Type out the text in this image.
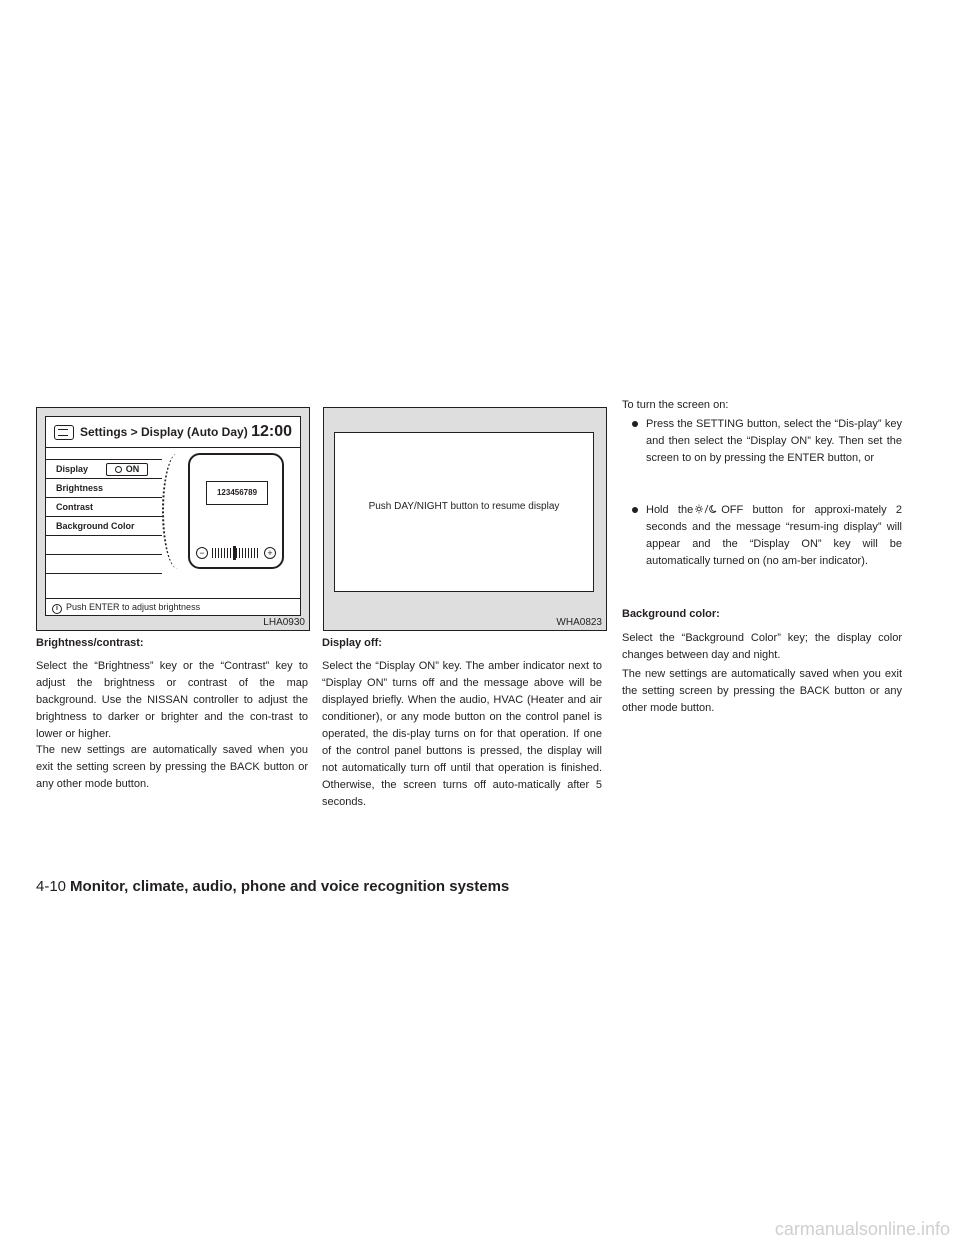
Settings > Display (Auto Day) 12:00
Display	ON
Brightness
Contrast
Background Color
123456789
−	+
i Push ENTER to adjust brightness
LHA0930
Push DAY/NIGHT button to resume display
WHA0823
Brightness/contrast:

Select the “Brightness” key or the “Contrast” key to adjust the brightness or contrast of the map background. Use the NISSAN controller to adjust the brightness to darker or brighter and the con-trast to lower or higher.

The new settings are automatically saved when you exit the setting screen by pressing the BACK button or any other mode button.

Display off:

Select the “Display ON” key. The amber indicator next to “Display ON” turns off and the message above will be displayed briefly. When the audio, HVAC (Heater and air conditioner), or any mode button on the control panel is operated, the dis-play turns on for that operation. If one of the control panel buttons is pressed, the display will not automatically turn off until that operation is finished. Otherwise, the screen turns off auto-matically after 5 seconds.

To turn the screen on:

Press the SETTING button, select the “Dis-play” key and then select the “Display ON” key. Then set the screen to on by pressing the ENTER button, or
Hold the	OFF button for approxi-mately 2 seconds and the message “resum-ing display” will appear and the “Display ON” key will be automatically turned on (no am-ber indicator).
Background color:

Select the “Background Color” key; the display color changes between day and night.

The new settings are automatically saved when you exit the setting screen by pressing the BACK button or any other mode button.

4-10 Monitor, climate, audio, phone and voice recognition systems
carmanualsonline.info
